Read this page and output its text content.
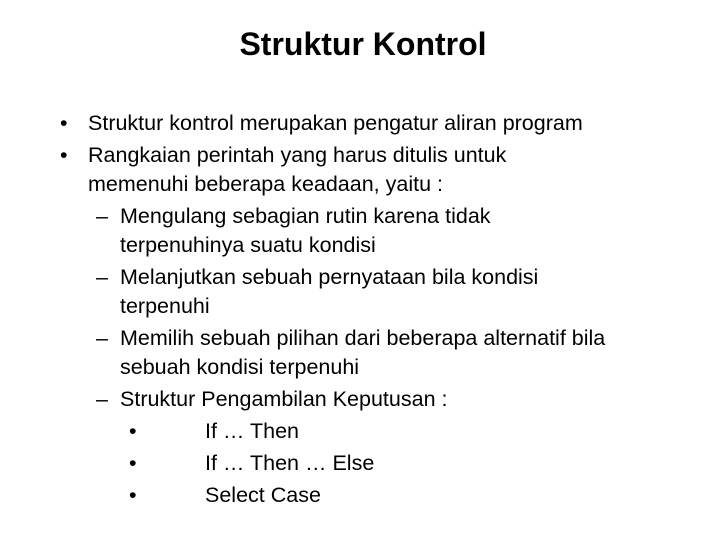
Struktur Kontrol
• Struktur kontrol merupakan pengatur aliran program
• Rangkaian perintah yang harus ditulis untuk
memenuhi beberapa keadaan, yaitu :
– Mengulang sebagian rutin karena tidak
terpenuhinya suatu kondisi
– Melanjutkan sebuah pernyataan bila kondisi
terpenuhi
– Memilih sebuah pilihan dari beberapa alternatif bila
sebuah kondisi terpenuhi
– Struktur Pengambilan Keputusan :
•	If … Then
•	If … Then … Else
•	Select Case
